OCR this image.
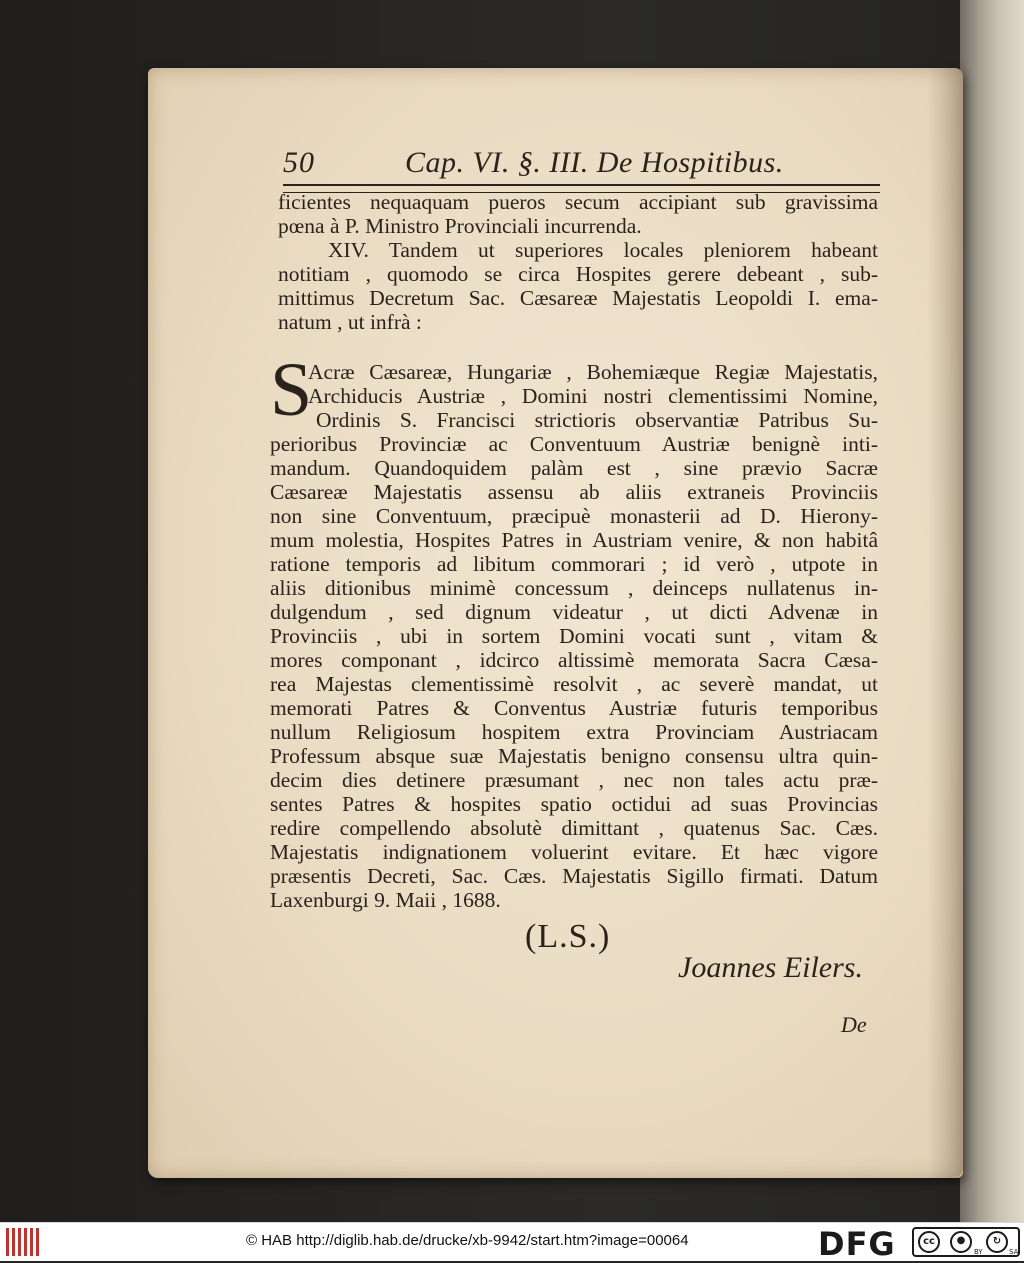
50	Cap. VI. §. III. De Hospitibus.
ficientes nequaquam pueros secum accipiant sub gravissima
pœna à P. Ministro Provinciali incurrenda.
XIV. Tandem ut superiores locales pleniorem habeant
notitiam , quomodo se circa Hospites gerere debeant , sub-
mittimus Decretum Sac. Cæsareæ Majestatis Leopoldi I. ema-
natum , ut infrà :
S
Acræ Cæsareæ, Hungariæ , Bohemiæque Regiæ Majestatis,
Archiducis Austriæ , Domini nostri clementissimi Nomine,
Ordinis S. Francisci strictioris observantiæ Patribus Su-
perioribus Provinciæ ac Conventuum Austriæ benignè inti-
mandum. Quandoquidem palàm est , sine prævio Sacræ
Cæsareæ Majestatis assensu ab aliis extraneis Provinciis
non sine Conventuum, præcipuè monasterii ad D. Hierony-
mum molestia, Hospites Patres in Austriam venire, & non habitâ
ratione temporis ad libitum commorari ; id verò , utpote in
aliis ditionibus minimè concessum , deinceps nullatenus in-
dulgendum , sed dignum videatur , ut dicti Advenæ in
Provinciis , ubi in sortem Domini vocati sunt , vitam &
mores componant , idcirco altissimè memorata Sacra Cæsa-
rea Majestas clementissimè resolvit , ac severè mandat, ut
memorati Patres & Conventus Austriæ futuris temporibus
nullum Religiosum hospitem extra Provinciam Austriacam
Professum absque suæ Majestatis benigno consensu ultra quin-
decim dies detinere præsumant , nec non tales actu præ-
sentes Patres & hospites spatio octidui ad suas Provincias
redire compellendo absolutè dimittant , quatenus Sac. Cæs.
Majestatis indignationem voluerint evitare. Et hæc vigore
præsentis Decreti, Sac. Cæs. Majestatis Sigillo firmati. Datum
Laxenburgi 9. Maii , 1688.
(L.S.)
Joannes Eilers.
De
© HAB http://diglib.hab.de/drucke/xb-9942/start.htm?image=00064	DFG	cc	●	↻
BY	SA
